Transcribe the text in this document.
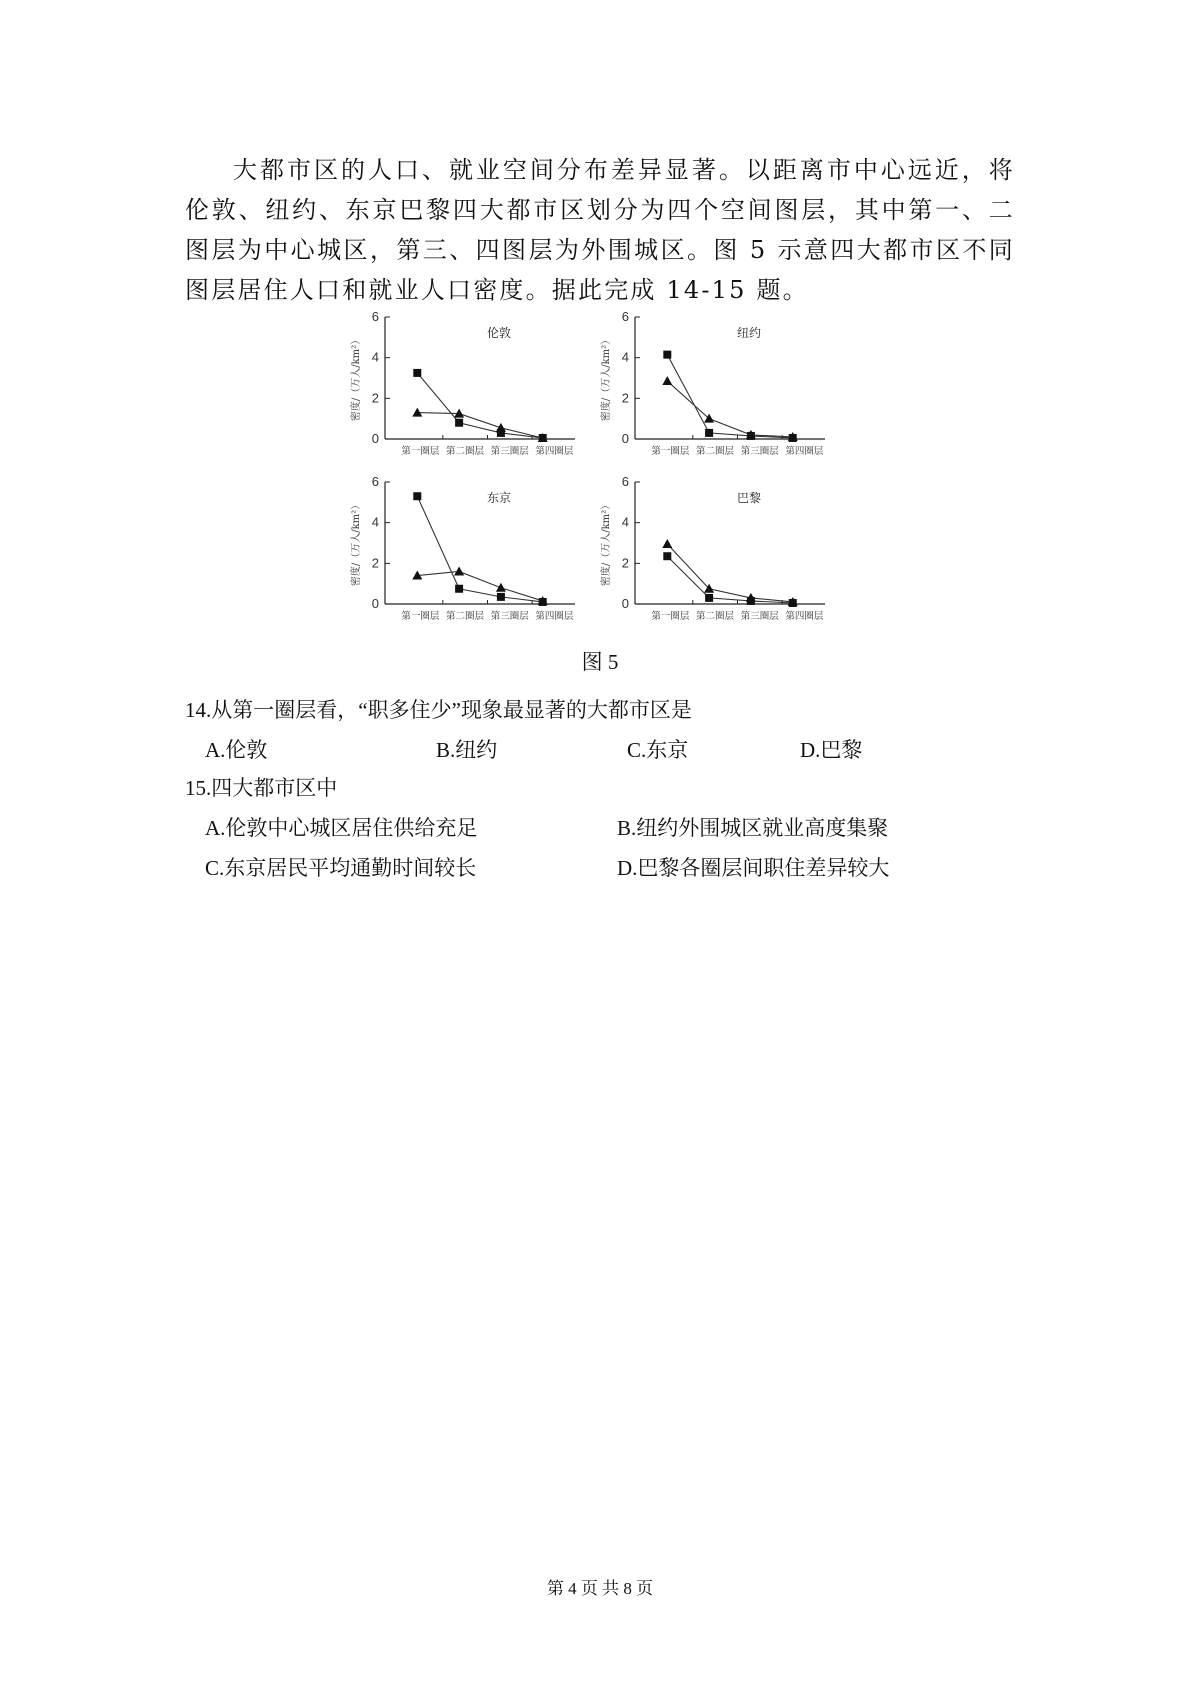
大都市区的人口、就业空间分布差异显著。以距离市中心远近，将伦敦、纽约、东京巴黎四大都市区划分为四个空间图层，其中第一、二图层为中心城区，第三、四图层为外围城区。图 5 示意四大都市区不同图层居住人口和就业人口密度。据此完成 14-15 题。

0
2
4
6
第一圈层 第二圈层 第三圈层 第四圈层
密度/（万人/km²）
伦敦
0
2
4
6
第一圈层 第二圈层 第三圈层 第四圈层
密度/（万人/km²）
纽约
0
2
4
6
第一圈层 第二圈层 第三圈层 第四圈层
密度/（万人/km²）
东京
0
2
4
6
第一圈层 第二圈层 第三圈层 第四圈层
密度/（万人/km²）
巴黎
图 5
14.从第一圈层看，“职多住少”现象最显著的大都市区是
A.伦敦	B.纽约	C.东京	D.巴黎
15.四大都市区中
A.伦敦中心城区居住供给充足	B.纽约外围城区就业高度集聚
C.东京居民平均通勤时间较长	D.巴黎各圈层间职住差异较大
第 4 页 共 8 页
